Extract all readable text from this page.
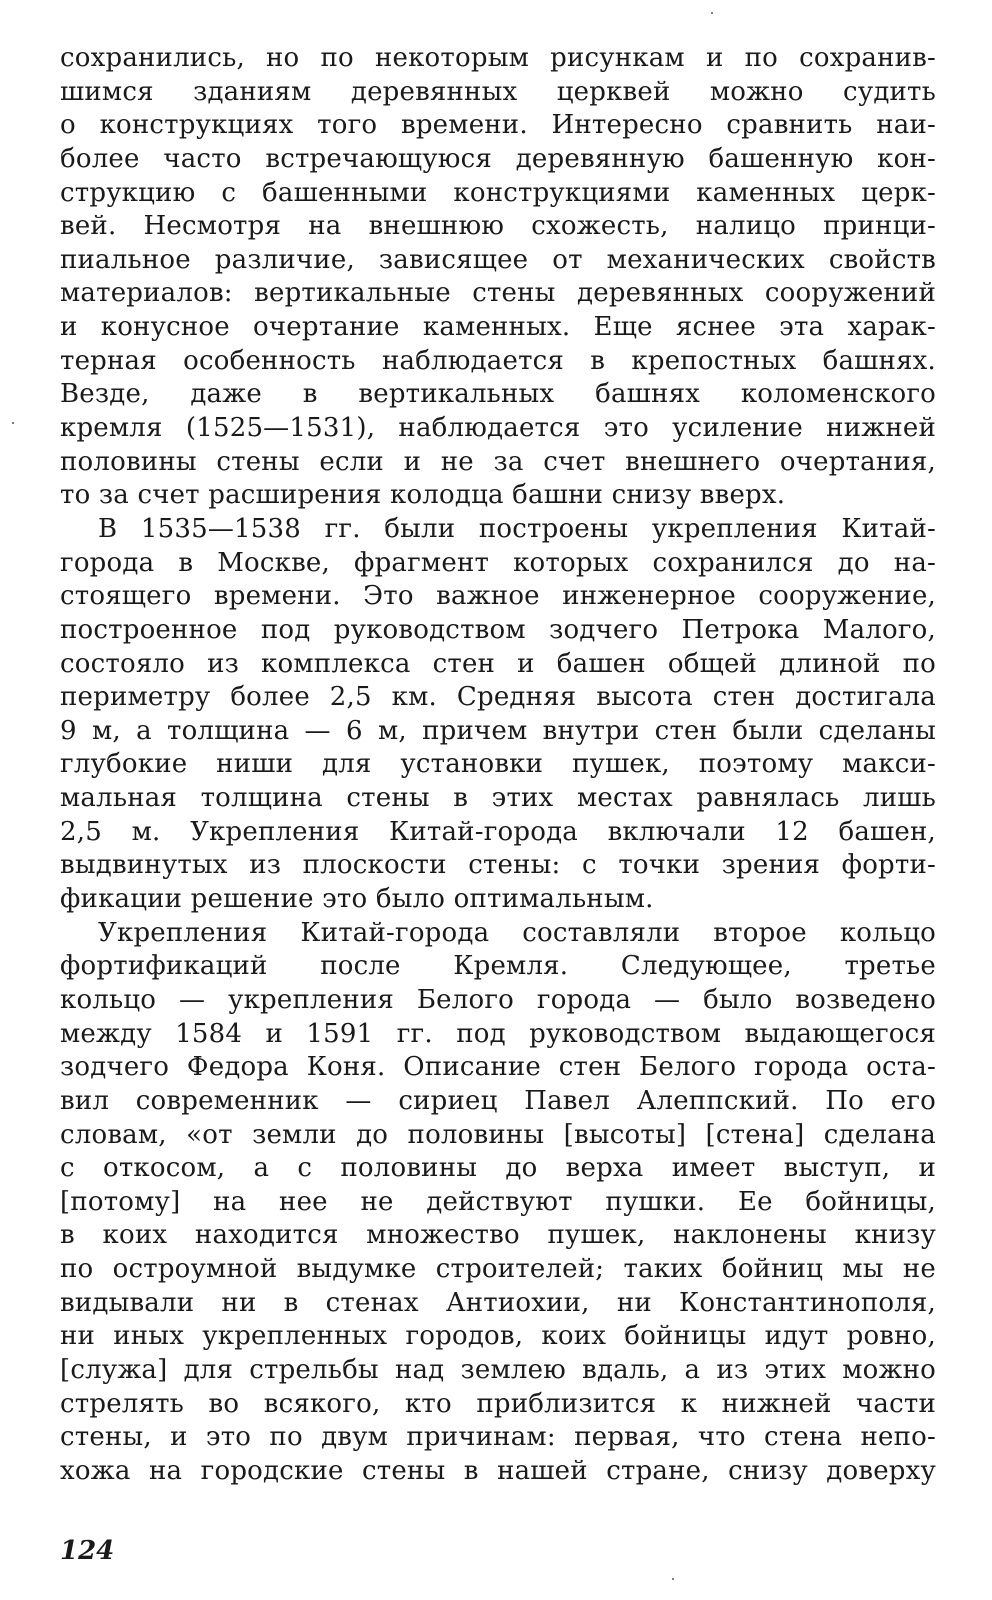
сохранились, но по некоторым рисункам и по сохранив-
шимся зданиям деревянных церквей можно судить
о конструкциях того времени. Интересно сравнить наи-
более часто встречающуюся деревянную башенную кон-
струкцию с башенными конструкциями каменных церк-
вей. Несмотря на внешнюю схожесть, налицо принци-
пиальное различие, зависящее от механических свойств
материалов: вертикальные стены деревянных сооружений
и конусное очертание каменных. Еще яснее эта харак-
терная особенность наблюдается в крепостных башнях.
Везде, даже в вертикальных башнях коломенского
кремля (1525—1531), наблюдается это усиление нижней
половины стены если и не за счет внешнего очертания,
то за счет расширения колодца башни снизу вверх.
В 1535—1538 гг. были построены укрепления Китай-
города в Москве, фрагмент которых сохранился до на-
стоящего времени. Это важное инженерное сооружение,
построенное под руководством зодчего Петрока Малого,
состояло из комплекса стен и башен общей длиной по
периметру более 2,5 км. Средняя высота стен достигала
9 м, а толщина — 6 м, причем внутри стен были сделаны
глубокие ниши для установки пушек, поэтому макси-
мальная толщина стены в этих местах равнялась лишь
2,5 м. Укрепления Китай-города включали 12 башен,
выдвинутых из плоскости стены: с точки зрения форти-
фикации решение это было оптимальным.
Укрепления Китай-города составляли второе кольцо
фортификаций после Кремля. Следующее, третье
кольцо — укрепления Белого города — было возведено
между 1584 и 1591 гг. под руководством выдающегося
зодчего Федора Коня. Описание стен Белого города оста-
вил современник — сириец Павел Алеппский. По его
словам, «от земли до половины [высоты] [стена] сделана
с откосом, а с половины до верха имеет выступ, и
[потому] на нее не действуют пушки. Ее бойницы,
в коих находится множество пушек, наклонены книзу
по остроумной выдумке строителей; таких бойниц мы не
видывали ни в стенах Антиохии, ни Константинополя,
ни иных укрепленных городов, коих бойницы идут ровно,
[служа] для стрельбы над землею вдаль, а из этих можно
стрелять во всякого, кто приблизится к нижней части
стены, и это по двум причинам: первая, что стена непо-
хожа на городские стены в нашей стране, снизу доверху
124
